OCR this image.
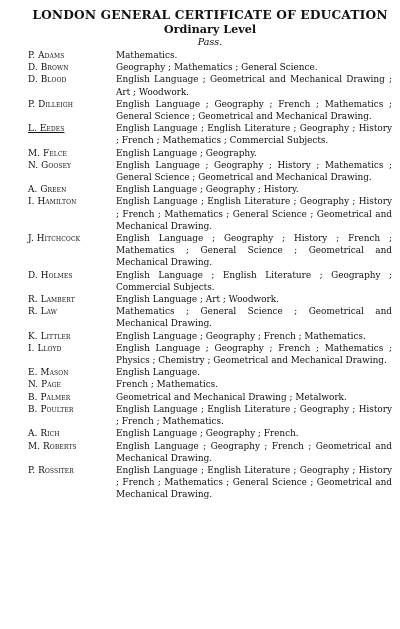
LONDON GENERAL CERTIFICATE OF EDUCATION
Ordinary Level
Pass.
P. Adams	Mathematics.
D. Brown	Geography ; Mathematics ; General Science.
D. Blood	English Language ; Geometrical and Mechanical Drawing ; Art ; Woodwork.
P. Dilleigh	English Language ; Geography ; French ; Mathematics ; General Science ; Geometrical and Mechanical Drawing.
L. Eedes	English Language ; English Literature ; Geography ; History ; French ; Mathematics ; Commercial Subjects.
M. Felce	English Language ; Geography.
N. Goosey	English Language ; Geography ; History ; Mathematics ; General Science ; Geometrical and Mechanical Drawing.
A. Green	English Language ; Geography ; History.
I. Hamilton	English Language ; English Literature ; Geography ; History ; French ; Mathematics ; General Science ; Geometrical and Mechanical Drawing.
J. Hitchcock	English Language ; Geography ; History ; French ; Mathematics ; General Science ; Geometrical and Mechanical Drawing.
D. Holmes	English Language ; English Literature ; Geography ; Commercial Subjects.
R. Lambert	English Language ; Art ; Woodwork.
R. Law	Mathematics ; General Science ; Geometrical and Mechanical Drawing.
K. Littler	English Language ; Geography ; French ; Mathematics.
I. Lloyd	English Language ; Geography ; French ; Mathematics ; Physics ; Chemistry ; Geometrical and Mechanical Drawing.
E. Mason	English Language.
N. Page	French ; Mathematics.
B. Palmer	Geometrical and Mechanical Drawing ; Metalwork.
B. Poulter	English Language ; English Literature ; Geography ; History ; French ; Mathematics.
A. Rich	English Language ; Geography ; French.
M. Roberts	English Language ; Geography ; French ; Geometrical and Mechanical Drawing.
P. Rossiter	English Language ; English Literature ; Geography ; History ; French ; Mathematics ; General Science ; Geometrical and Mechanical Drawing.
